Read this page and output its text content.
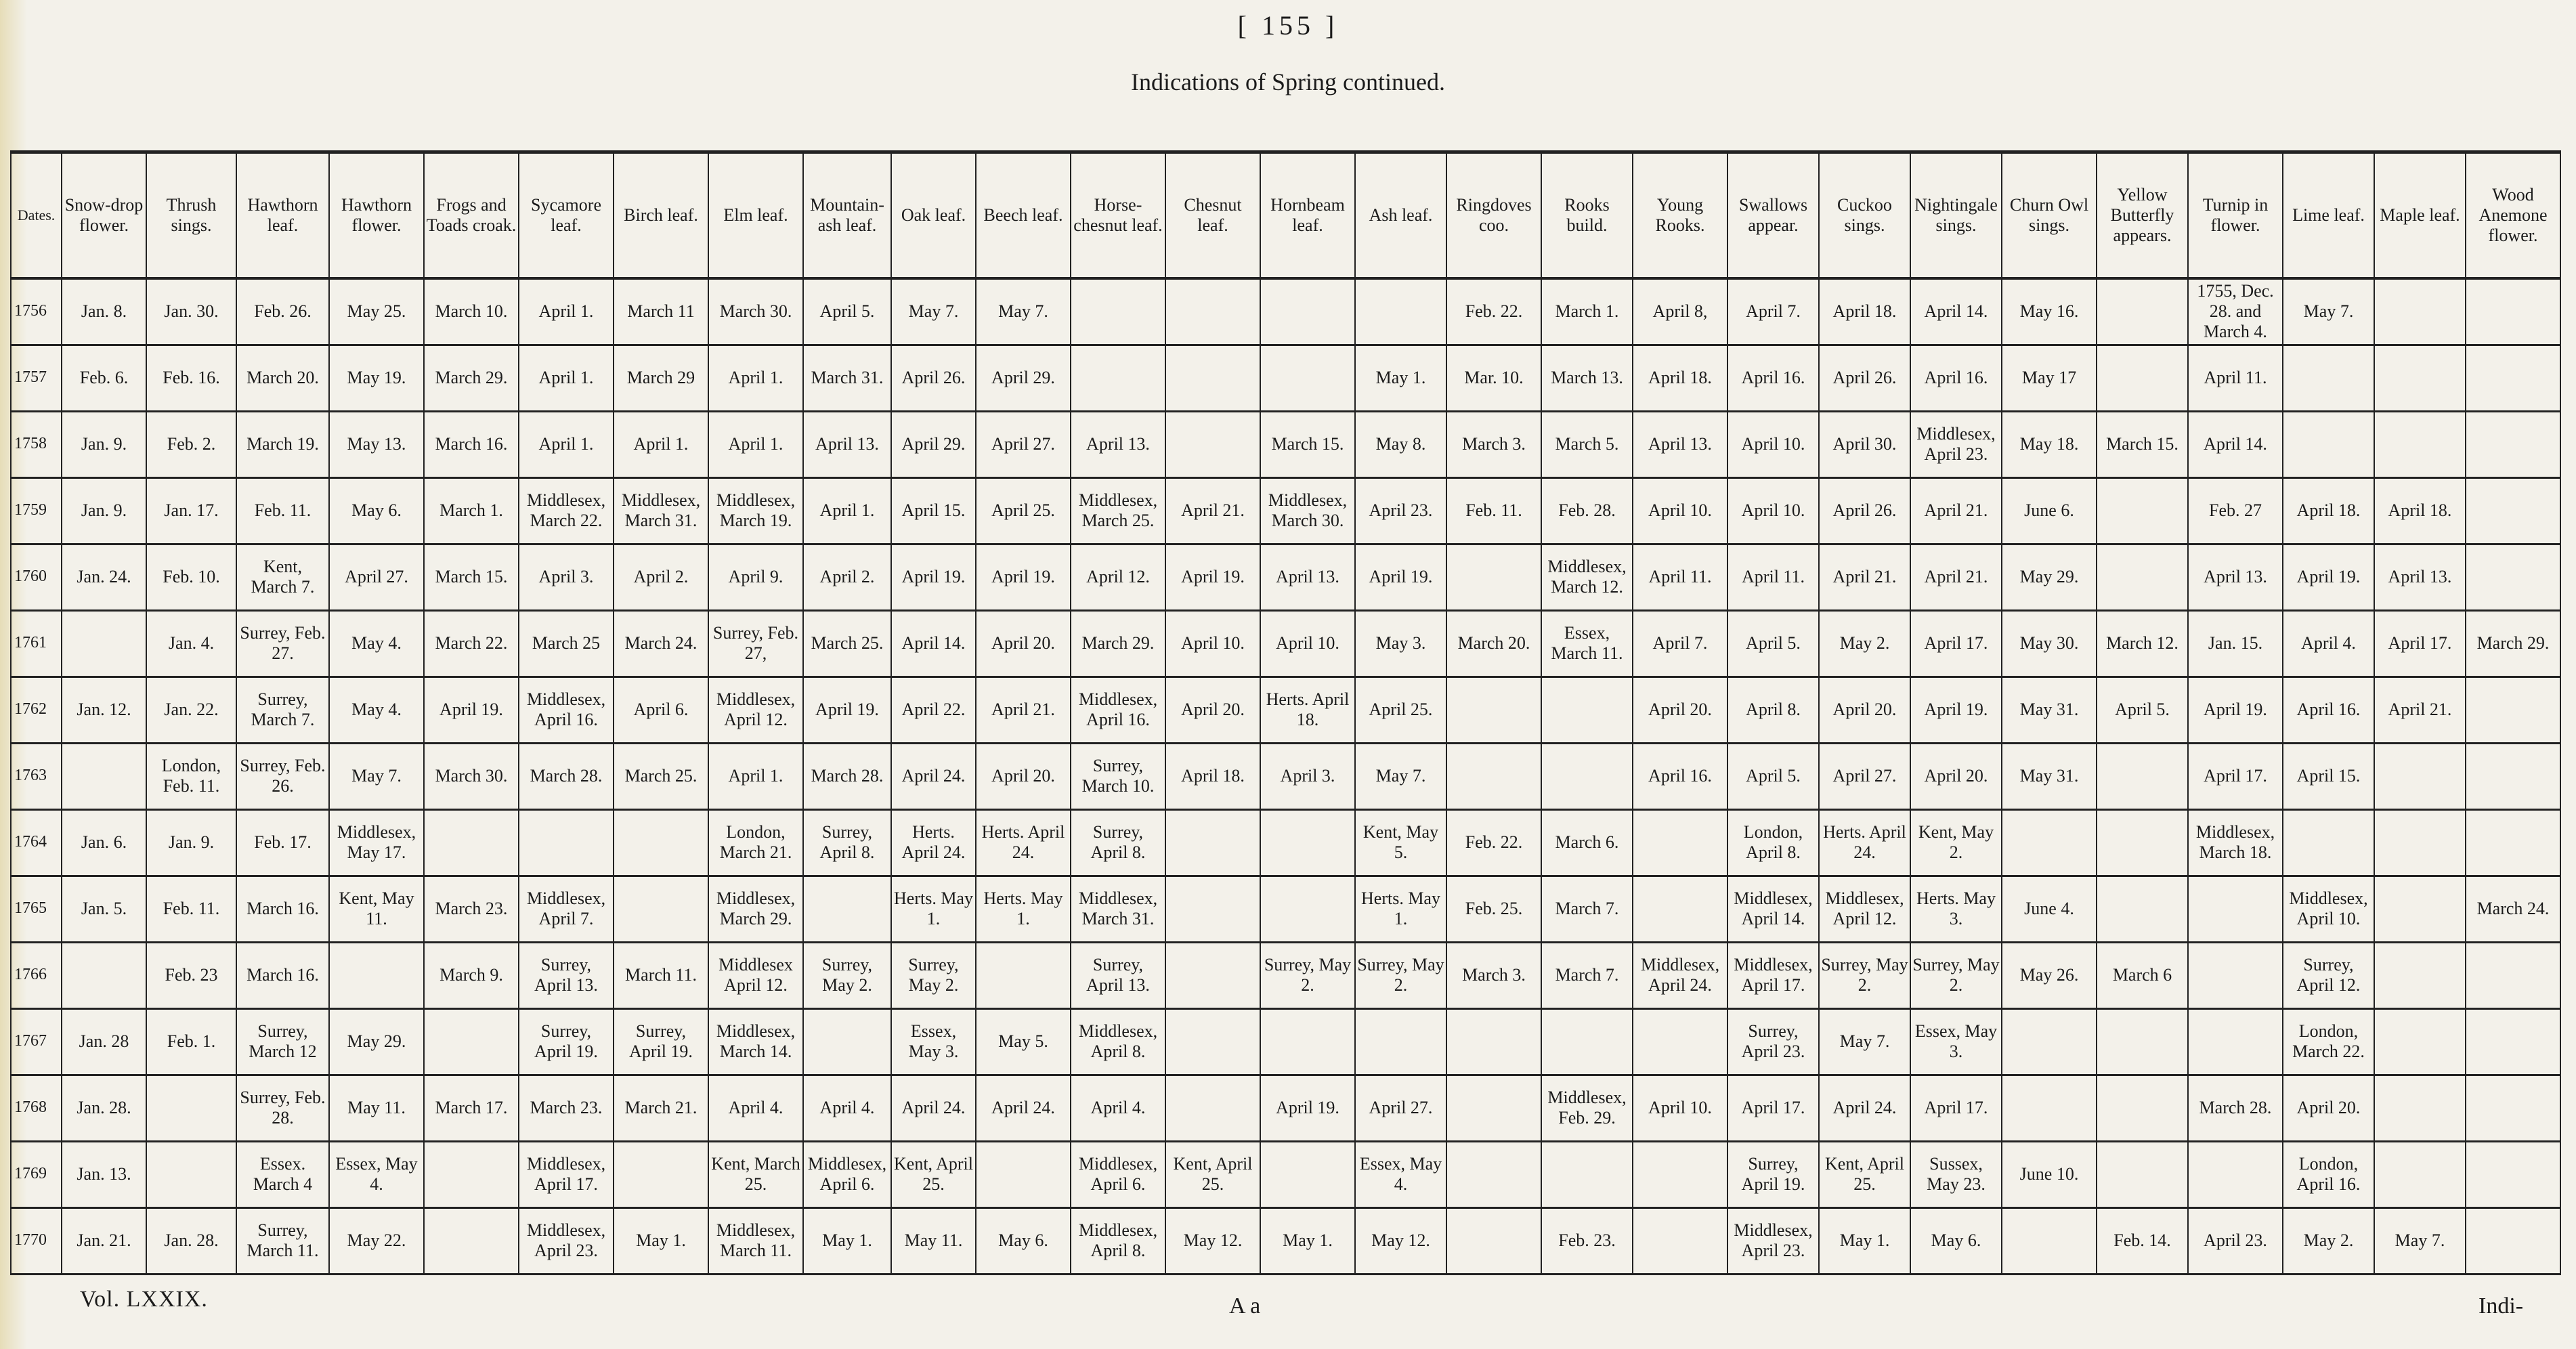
[ 155 ]
Indications of Spring continued.
Dates.	Snow-drop flower.	Thrush sings.	Hawthorn leaf.	Hawthorn flower.	Frogs and Toads croak.	Sycamore leaf.	Birch leaf.	Elm leaf.	Mountain-ash leaf.	Oak leaf.	Beech leaf.	Horse-chesnut leaf.	Chesnut leaf.	Hornbeam leaf.	Ash leaf.	Ringdoves coo.	Rooks build.	Young Rooks.	Swallows appear.	Cuckoo sings.	Nightingale sings.	Churn Owl sings.	Yellow Butterfly appears.	Turnip in flower.	Lime leaf.	Maple leaf.	Wood Anemone flower.
1756	Jan. 8.	Jan. 30.	Feb. 26.	May 25.	March 10.	April 1.	March 11	March 30.	April 5.	May 7.	May 7.					Feb. 22.	March 1.	April 8,	April 7.	April 18.	April 14.	May 16.		1755, Dec. 28. and March 4.	May 7.		
1757	Feb. 6.	Feb. 16.	March 20.	May 19.	March 29.	April 1.	March 29	April 1.	March 31.	April 26.	April 29.				May 1.	Mar. 10.	March 13.	April 18.	April 16.	April 26.	April 16.	May 17		April 11.			
1758	Jan. 9.	Feb. 2.	March 19.	May 13.	March 16.	April 1.	April 1.	April 1.	April 13.	April 29.	April 27.	April 13.		March 15.	May 8.	March 3.	March 5.	April 13.	April 10.	April 30.	Middlesex, April 23.	May 18.	March 15.	April 14.			
1759	Jan. 9.	Jan. 17.	Feb. 11.	May 6.	March 1.	Middlesex, March 22.	Middlesex, March 31.	Middlesex, March 19.	April 1.	April 15.	April 25.	Middlesex, March 25.	April 21.	Middlesex, March 30.	April 23.	Feb. 11.	Feb. 28.	April 10.	April 10.	April 26.	April 21.	June 6.		Feb. 27	April 18.	April 18.	
1760	Jan. 24.	Feb. 10.	Kent, March 7.	April 27.	March 15.	April 3.	April 2.	April 9.	April 2.	April 19.	April 19.	April 12.	April 19.	April 13.	April 19.		Middlesex, March 12.	April 11.	April 11.	April 21.	April 21.	May 29.		April 13.	April 19.	April 13.	
1761		Jan. 4.	Surrey, Feb. 27.	May 4.	March 22.	March 25	March 24.	Surrey, Feb. 27,	March 25.	April 14.	April 20.	March 29.	April 10.	April 10.	May 3.	March 20.	Essex, March 11.	April 7.	April 5.	May 2.	April 17.	May 30.	March 12.	Jan. 15.	April 4.	April 17.	March 29.
1762	Jan. 12.	Jan. 22.	Surrey, March 7.	May 4.	April 19.	Middlesex, April 16.	April 6.	Middlesex, April 12.	April 19.	April 22.	April 21.	Middlesex, April 16.	April 20.	Herts. April 18.	April 25.			April 20.	April 8.	April 20.	April 19.	May 31.	April 5.	April 19.	April 16.	April 21.	
1763		London, Feb. 11.	Surrey, Feb. 26.	May 7.	March 30.	March 28.	March 25.	April 1.	March 28.	April 24.	April 20.	Surrey, March 10.	April 18.	April 3.	May 7.			April 16.	April 5.	April 27.	April 20.	May 31.		April 17.	April 15.		
1764	Jan. 6.	Jan. 9.	Feb. 17.	Middlesex, May 17.				London, March 21.	Surrey, April 8.	Herts. April 24.	Herts. April 24.	Surrey, April 8.			Kent, May 5.	Feb. 22.	March 6.		London, April 8.	Herts. April 24.	Kent, May 2.			Middlesex, March 18.			
1765	Jan. 5.	Feb. 11.	March 16.	Kent, May 11.	March 23.	Middlesex, April 7.		Middlesex, March 29.		Herts. May 1.	Herts. May 1.	Middlesex, March 31.			Herts. May 1.	Feb. 25.	March 7.		Middlesex, April 14.	Middlesex, April 12.	Herts. May 3.	June 4.			Middlesex, April 10.		March 24.
1766		Feb. 23	March 16.		March 9.	Surrey, April 13.	March 11.	Middlesex April 12.	Surrey, May 2.	Surrey, May 2.		Surrey, April 13.		Surrey, May 2.	Surrey, May 2.	March 3.	March 7.	Middlesex, April 24.	Middlesex, April 17.	Surrey, May 2.	Surrey, May 2.	May 26.	March 6		Surrey, April 12.		
1767	Jan. 28	Feb. 1.	Surrey, March 12	May 29.		Surrey, April 19.	Surrey, April 19.	Middlesex, March 14.		Essex, May 3.	May 5.	Middlesex, April 8.							Surrey, April 23.	May 7.	Essex, May 3.				London, March 22.		
1768	Jan. 28.		Surrey, Feb. 28.	May 11.	March 17.	March 23.	March 21.	April 4.	April 4.	April 24.	April 24.	April 4.		April 19.	April 27.		Middlesex, Feb. 29.	April 10.	April 17.	April 24.	April 17.			March 28.	April 20.		
1769	Jan. 13.		Essex. March 4	Essex, May 4.		Middlesex, April 17.		Kent, March 25.	Middlesex, April 6.	Kent, April 25.		Middlesex, April 6.	Kent, April 25.		Essex, May 4.				Surrey, April 19.	Kent, April 25.	Sussex, May 23.	June 10.			London, April 16.		
1770	Jan. 21.	Jan. 28.	Surrey, March 11.	May 22.		Middlesex, April 23.	May 1.	Middlesex, March 11.	May 1.	May 11.	May 6.	Middlesex, April 8.	May 12.	May 1.	May 12.		Feb. 23.		Middlesex, April 23.	May 1.	May 6.		Feb. 14.	April 23.	May 2.	May 7.	
Vol. LXXIX.	A a	Indi-
